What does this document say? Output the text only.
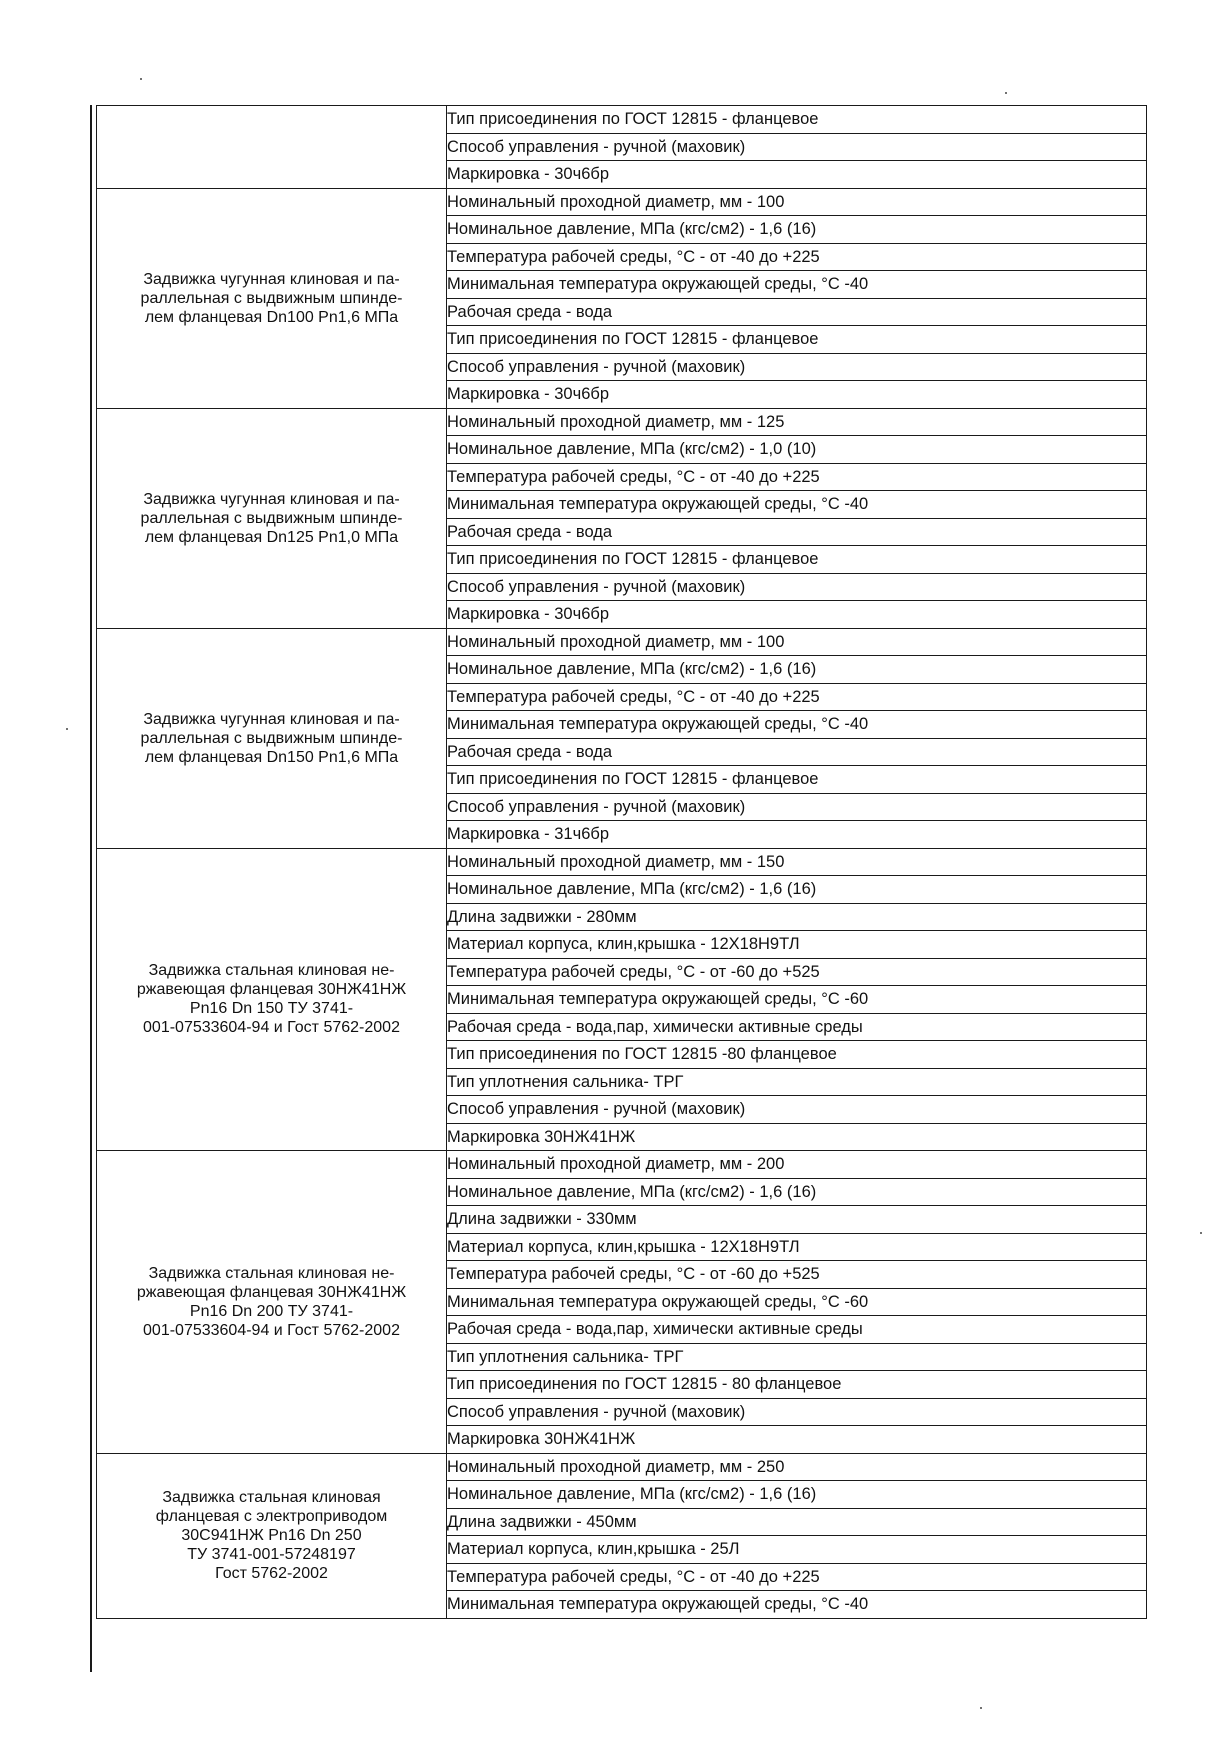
	Тип присоединения по ГОСТ 12815 - фланцевое
	Способ управления - ручной (маховик)
	Маркировка - 30ч6бр

Задвижка чугунная клиновая и па-
раллельная с выдвижным шпинде-
лем фланцевая Dn100 Pn1,6 МПа	Номинальный проходной диаметр, мм - 100
	Номинальное давление, МПа (кгс/см2) - 1,6 (16)
	Температура рабочей среды, °С - от -40 до +225
	Минимальная температура окружающей среды, °С -40
	Рабочая среда - вода
	Тип присоединения по ГОСТ 12815 - фланцевое
	Способ управления - ручной (маховик)
	Маркировка - 30ч6бр

Задвижка чугунная клиновая и па-
раллельная с выдвижным шпинде-
лем фланцевая Dn125 Pn1,0 МПа	Номинальный проходной диаметр, мм - 125
	Номинальное давление, МПа (кгс/см2) - 1,0 (10)
	Температура рабочей среды, °С - от -40 до +225
	Минимальная температура окружающей среды, °С -40
	Рабочая среда - вода
	Тип присоединения по ГОСТ 12815 - фланцевое
	Способ управления - ручной (маховик)
	Маркировка - 30ч6бр

Задвижка чугунная клиновая и па-
раллельная с выдвижным шпинде-
лем фланцевая Dn150 Pn1,6 МПа	Номинальный проходной диаметр, мм - 100
	Номинальное давление, МПа (кгс/см2) - 1,6 (16)
	Температура рабочей среды, °С - от -40 до +225
	Минимальная температура окружающей среды, °С -40
	Рабочая среда - вода
	Тип присоединения по ГОСТ 12815 - фланцевое
	Способ управления - ручной (маховик)
	Маркировка - 31ч6бр

Задвижка стальная клиновая не-
ржавеющая фланцевая 30НЖ41НЖ
Pn16 Dn 150 ТУ 3741-
001-07533604-94 и Гост 5762-2002	Номинальный проходной диаметр, мм - 150
	Номинальное давление, МПа (кгс/см2) - 1,6 (16)
	Длина задвижки - 280мм
	Материал корпуса, клин,крышка - 12Х18Н9ТЛ
	Температура рабочей среды, °С - от -60 до +525
	Минимальная температура окружающей среды, °С -60
	Рабочая среда - вода,пар, химически активные среды
	Тип присоединения по ГОСТ 12815 -80 фланцевое
	Тип уплотнения сальника- ТРГ
	Способ управления - ручной (маховик)
	Маркировка 30НЖ41НЖ

Задвижка стальная клиновая не-
ржавеющая фланцевая 30НЖ41НЖ
Pn16 Dn 200 ТУ 3741-
001-07533604-94 и Гост 5762-2002	Номинальный проходной диаметр, мм - 200
	Номинальное давление, МПа (кгс/см2) - 1,6 (16)
	Длина задвижки - 330мм
	Материал корпуса, клин,крышка - 12Х18Н9ТЛ
	Температура рабочей среды, °С - от -60 до +525
	Минимальная температура окружающей среды, °С -60
	Рабочая среда - вода,пар, химически активные среды
	Тип уплотнения сальника- ТРГ
	Тип присоединения по ГОСТ 12815 - 80 фланцевое
	Способ управления - ручной (маховик)
	Маркировка 30НЖ41НЖ

Задвижка стальная клиновая
фланцевая с электроприводом
30С941НЖ Pn16 Dn 250
ТУ 3741-001-57248197
Гост 5762-2002	Номинальный проходной диаметр, мм - 250
	Номинальное давление, МПа (кгс/см2) - 1,6 (16)
	Длина задвижки - 450мм
	Материал корпуса, клин,крышка - 25Л
	Температура рабочей среды, °С - от -40 до +225
	Минимальная температура окружающей среды, °С -40
